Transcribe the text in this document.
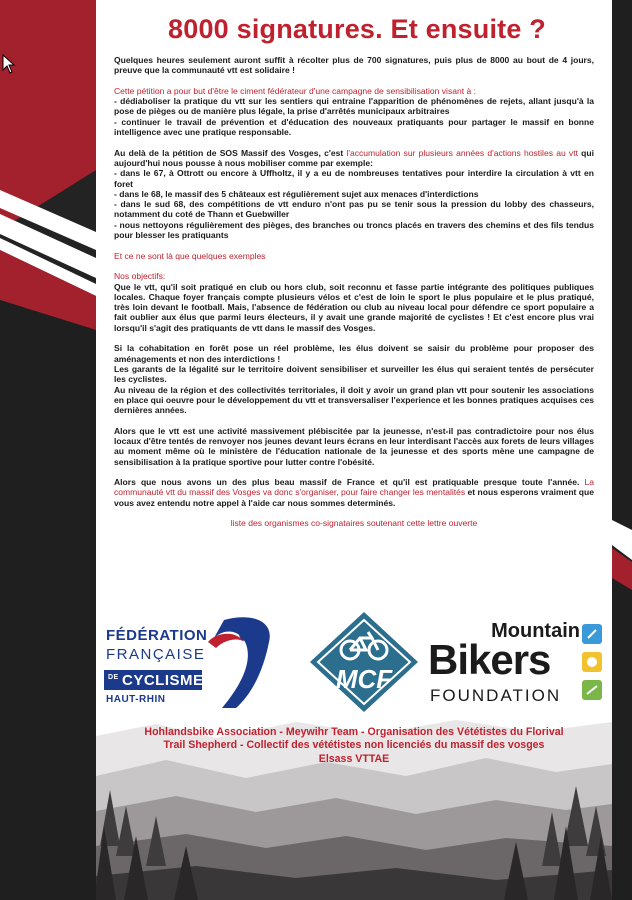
8000 signatures. Et ensuite ?

Quelques heures seulement auront suffit à récolter plus de 700 signatures, puis plus de 8000 au bout de 4 jours, preuve que la communauté vtt est solidaire !

Cette pétition a pour but d'être le ciment fédérateur d'une campagne de sensibilisation visant à :
- dédiaboliser la pratique du vtt sur les sentiers qui entraine l'apparition de phénomènes de rejets, allant jusqu'à la pose de pièges ou de manière plus légale, la prise d'arrêtés municipaux arbitraires
- continuer le travail de prévention et d'éducation des nouveaux pratiquants pour partager le massif en bonne intelligence avec une pratique responsable.

Au delà de la pétition de SOS Massif des Vosges, c'est l'accumulation sur plusieurs années d'actions hostiles au vtt qui aujourd'hui nous pousse à nous mobiliser comme par exemple:
- dans le 67, à Ottrott ou encore à Uffholtz, il y a eu de nombreuses tentatives pour interdire la circulation à vtt en foret
- dans le 68, le massif des 5 châteaux est régulièrement sujet aux menaces d'interdictions
- dans le sud 68, des compétitions de vtt enduro n'ont pas pu se tenir sous la pression du lobby des chasseurs, notamment du coté de Thann et Guebwiller
- nous nettoyons régulièrement des pièges, des branches ou troncs placés en travers des chemins et des fils tendus pour blesser les pratiquants

Et ce ne sont là que quelques exemples

Nos objectifs:
Que le vtt, qu'il soit pratiqué en club ou hors club, soit reconnu et fasse partie intégrante des politiques publiques locales. Chaque foyer français compte plusieurs vélos et c'est de loin le sport le plus populaire et le plus pratiqué, très loin devant le football. Mais, l'absence de fédération ou club au niveau local pour défendre ce sport populaire a fait oublier aux élus que parmi leurs électeurs, il y avait une grande majorité de cyclistes ! Et c'est encore plus vrai lorsqu'il s'agit des pratiquants de vtt dans le massif des Vosges.

Si la cohabitation en forêt pose un réel problème, les élus doivent se saisir du problème pour proposer des aménagements et non des interdictions !
Les garants de la légalité sur le territoire doivent sensibiliser et surveiller les élus qui seraient tentés de persécuter les cyclistes.
Au niveau de la région et des collectivités territoriales, il doit y avoir un grand plan vtt pour soutenir les associations en place qui oeuvre pour le développement du vtt et transversaliser l'experience et les bonnes pratiques acquises ces dernières années.

Alors que le vtt est une activité massivement plébiscitée par la jeunesse, n'est-il pas contradictoire pour nos élus locaux d'être tentés de renvoyer nos jeunes devant leurs écrans en leur interdisant l'accès aux forets de leurs villages au moment même où le ministère de l'éducation nationale de la jeunesse et des sports mène une campagne de sensibilisation à la pratique sportive pour lutter contre l'obésité.

Alors que nous avons un des plus beau massif de France et qu'il est pratiquable presque toute l'année. La communauté vtt du massif des Vosges va donc s'organiser, pour faire changer les mentalités et nous esperons vraiment que vous avez entendu notre appel à l'aide car nous sommes determinés.

liste des organismes co-signataires soutenant cette lettre ouverte

FÉDÉRATION
FRANÇAISE
DE CYCLISME
HAUT-RHIN
MCF
Mountain
Bikers
FOUNDATION
Hohlandsbike Association - Meywihr Team - Organisation des Vététistes du Florival
Trail Shepherd - Collectif des vététistes non licenciés du massif des vosges
Elsass VTTAE
